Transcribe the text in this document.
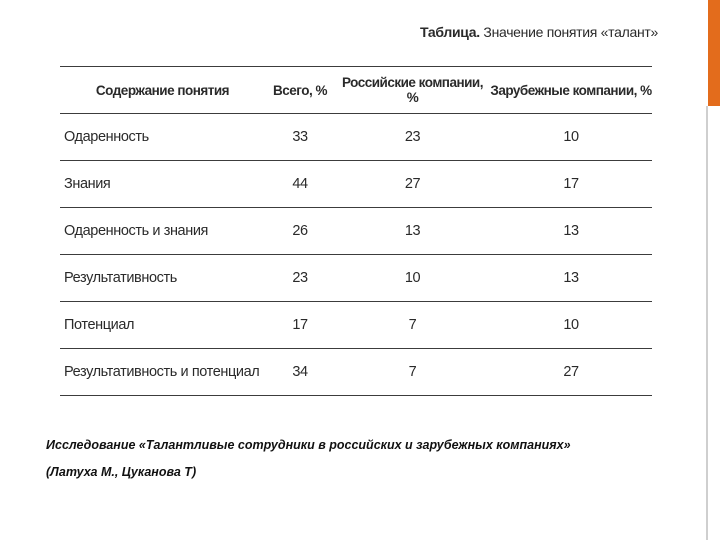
Таблица. Значение понятия «талант»
Содержание понятия	Всего, %	Российские компании, %	Зарубежные компании, %
Одаренность	33	23	10
Знания	44	27	17
Одаренность и знания	26	13	13
Результативность	23	10	13
Потенциал	17	7	10
Результативность и потенциал	34	7	27
Исследование «Талантливые сотрудники в российских и зарубежных компаниях»
(Латуха М., Цуканова Т)
